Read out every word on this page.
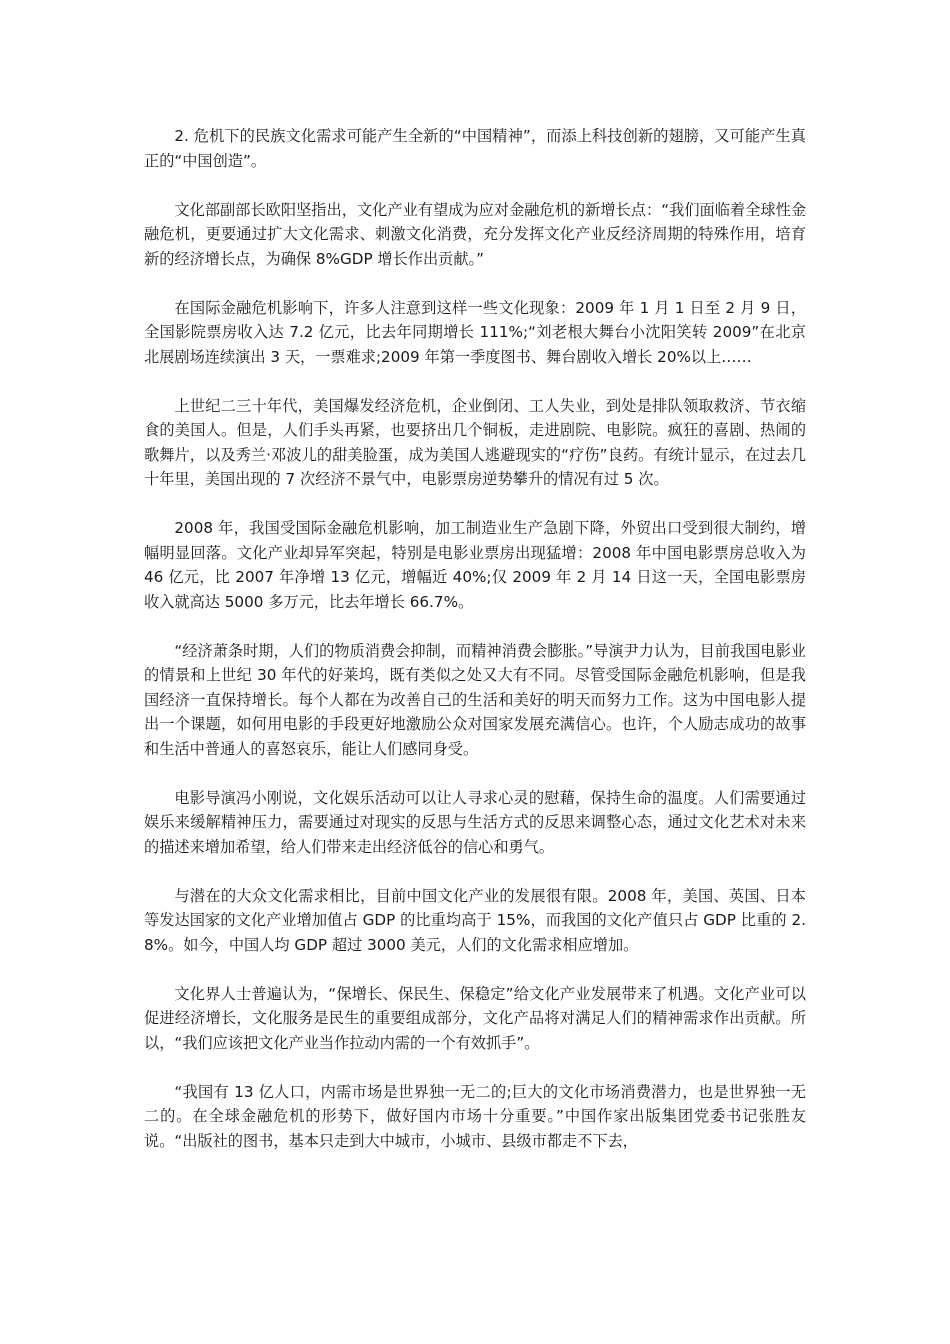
2. 危机下的民族文化需求可能产生全新的“中国精神”，而添上科技创新的翅膀，又可能产生真正的“中国创造”。

文化部副部长欧阳坚指出，文化产业有望成为应对金融危机的新增长点：“我们面临着全球性金融危机，更要通过扩大文化需求、刺激文化消费，充分发挥文化产业反经济周期的特殊作用，培育新的经济增长点，为确保 8%GDP 增长作出贡献。”

在国际金融危机影响下，许多人注意到这样一些文化现象：2009 年 1 月 1 日至 2 月 9 日，全国影院票房收入达 7.2 亿元，比去年同期增长 111%;“刘老根大舞台小沈阳笑转 2009”在北京北展剧场连续演出 3 天，一票难求;2009 年第一季度图书、舞台剧收入增长 20%以上……

上世纪二三十年代，美国爆发经济危机，企业倒闭、工人失业，到处是排队领取救济、节衣缩食的美国人。但是，人们手头再紧，也要挤出几个铜板，走进剧院、电影院。疯狂的喜剧、热闹的歌舞片，以及秀兰·邓波儿的甜美脸蛋，成为美国人逃避现实的“疗伤”良药。有统计显示，在过去几十年里，美国出现的 7 次经济不景气中，电影票房逆势攀升的情况有过 5 次。

2008 年，我国受国际金融危机影响，加工制造业生产急剧下降，外贸出口受到很大制约，增幅明显回落。文化产业却异军突起，特别是电影业票房出现猛增：2008 年中国电影票房总收入为 46 亿元，比 2007 年净增 13 亿元，增幅近 40%;仅 2009 年 2 月 14 日这一天，全国电影票房收入就高达 5000 多万元，比去年增长 66.7%。

“经济萧条时期，人们的物质消费会抑制，而精神消费会膨胀。”导演尹力认为，目前我国电影业的情景和上世纪 30 年代的好莱坞，既有类似之处又大有不同。尽管受国际金融危机影响，但是我国经济一直保持增长。每个人都在为改善自己的生活和美好的明天而努力工作。这为中国电影人提出一个课题，如何用电影的手段更好地激励公众对国家发展充满信心。也许，个人励志成功的故事和生活中普通人的喜怒哀乐，能让人们感同身受。

电影导演冯小刚说，文化娱乐活动可以让人寻求心灵的慰藉，保持生命的温度。人们需要通过娱乐来缓解精神压力，需要通过对现实的反思与生活方式的反思来调整心态，通过文化艺术对未来的描述来增加希望，给人们带来走出经济低谷的信心和勇气。

与潜在的大众文化需求相比，目前中国文化产业的发展很有限。2008 年，美国、英国、日本等发达国家的文化产业增加值占 GDP 的比重均高于 15%，而我国的文化产值只占 GDP 比重的 2.8%。如今，中国人均 GDP 超过 3000 美元，人们的文化需求相应增加。

文化界人士普遍认为，“保增长、保民生、保稳定”给文化产业发展带来了机遇。文化产业可以促进经济增长，文化服务是民生的重要组成部分，文化产品将对满足人们的精神需求作出贡献。所以，“我们应该把文化产业当作拉动内需的一个有效抓手”。

“我国有 13 亿人口，内需市场是世界独一无二的;巨大的文化市场消费潜力，也是世界独一无二的。在全球金融危机的形势下，做好国内市场十分重要。”中国作家出版集团党委书记张胜友说。“出版社的图书，基本只走到大中城市，小城市、县级市都走不下去，
